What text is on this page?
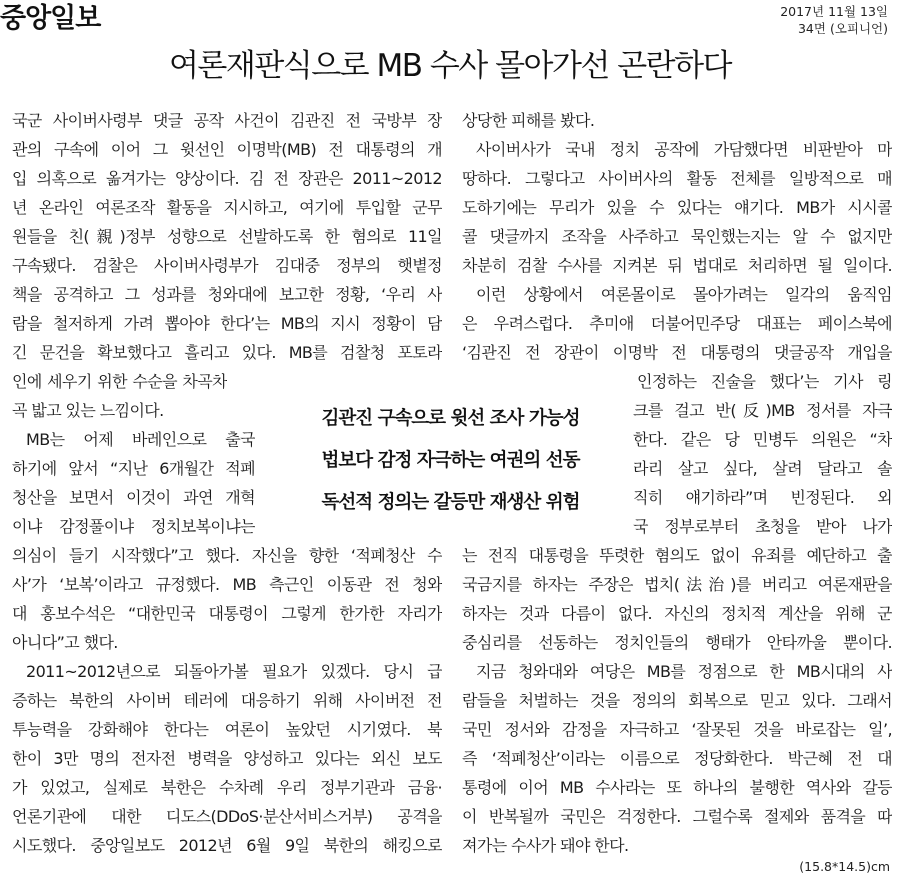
중앙일보	2017년 11월 13일
34면 (오피니언)
여론재판식으로 MB 수사 몰아가선 곤란하다
국군 사이버사령부 댓글 공작 사건이 김관진 전 국방부 장
관의 구속에 이어 그 윗선인 이명박(MB) 전 대통령의 개
입 의혹으로 옮겨가는 양상이다. 김 전 장관은 2011~2012
년 온라인 여론조작 활동을 지시하고, 여기에 투입할 군무
원들을 친(親)정부 성향으로 선발하도록 한 혐의로 11일
구속됐다. 검찰은 사이버사령부가 김대중 정부의 햇볕정
책을 공격하고 그 성과를 청와대에 보고한 정황, ‘우리 사
람을 철저하게 가려 뽑아야 한다’는 MB의 지시 정황이 담
긴 문건을 확보했다고 흘리고 있다. MB를 검찰청 포토라
인에 세우기 위한 수순을 차곡차
곡 밟고 있는 느낌이다.
MB는 어제 바레인으로 출국
하기에 앞서 “지난 6개월간 적폐
청산을 보면서 이것이 과연 개혁
이냐 감정풀이냐 정치보복이냐는
의심이 들기 시작했다”고 했다. 자신을 향한 ‘적폐청산 수
사’가 ‘보복’이라고 규정했다. MB 측근인 이동관 전 청와
대 홍보수석은 “대한민국 대통령이 그렇게 한가한 자리가
아니다”고 했다.
2011~2012년으로 되돌아가볼 필요가 있겠다. 당시 급
증하는 북한의 사이버 테러에 대응하기 위해 사이버전 전
투능력을 강화해야 한다는 여론이 높았던 시기였다. 북
한이 3만 명의 전자전 병력을 양성하고 있다는 외신 보도
가 있었고, 실제로 북한은 수차례 우리 정부기관과 금융·
언론기관에 대한 디도스(DDoS·분산서비스거부) 공격을
시도했다. 중앙일보도 2012년 6월 9일 북한의 해킹으로
상당한 피해를 봤다.
사이버사가 국내 정치 공작에 가담했다면 비판받아 마
땅하다. 그렇다고 사이버사의 활동 전체를 일방적으로 매
도하기에는 무리가 있을 수 있다는 얘기다. MB가 시시콜
콜 댓글까지 조작을 사주하고 묵인했는지는 알 수 없지만
차분히 검찰 수사를 지켜본 뒤 법대로 처리하면 될 일이다.
이런 상황에서 여론몰이로 몰아가려는 일각의 움직임
은 우려스럽다. 추미애 더불어민주당 대표는 페이스북에
‘김관진 전 장관이 이명박 전 대통령의 댓글공작 개입을
인정하는 진술을 했다’는 기사 링
크를 걸고 반(反)MB 정서를 자극
한다. 같은 당 민병두 의원은 “차
라리 살고 싶다, 살려 달라고 솔
직히 얘기하라”며 빈정된다. 외
국 정부로부터 초청을 받아 나가
는 전직 대통령을 뚜렷한 혐의도 없이 유죄를 예단하고 출
국금지를 하자는 주장은 법치(法治)를 버리고 여론재판을
하자는 것과 다름이 없다. 자신의 정치적 계산을 위해 군
중심리를 선동하는 정치인들의 행태가 안타까울 뿐이다.
지금 청와대와 여당은 MB를 정점으로 한 MB시대의 사
람들을 처벌하는 것을 정의의 회복으로 믿고 있다. 그래서
국민 정서와 감정을 자극하고 ‘잘못된 것을 바로잡는 일’,
즉 ‘적폐청산’이라는 이름으로 정당화한다. 박근혜 전 대
통령에 이어 MB 수사라는 또 하나의 불행한 역사와 갈등
이 반복될까 국민은 걱정한다. 그럴수록 절제와 품격을 따
져가는 수사가 돼야 한다.
김관진 구속으로 윗선 조사 가능성
법보다 감정 자극하는 여권의 선동
독선적 정의는 갈등만 재생산 위험
(15.8*14.5)cm
